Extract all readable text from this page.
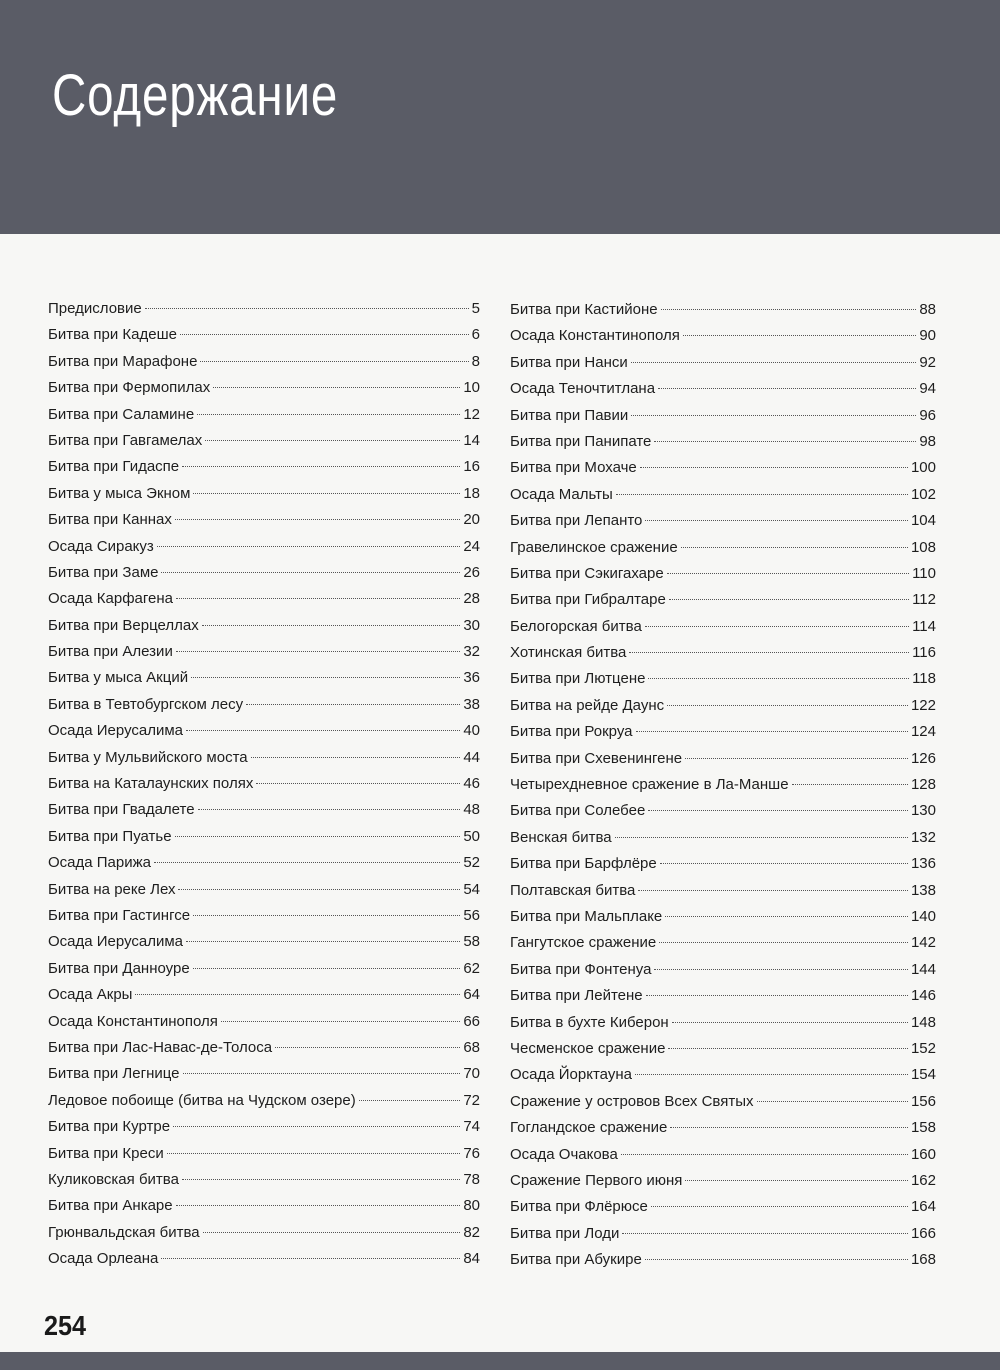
Содержание
Предисловие	5
Битва при Кадеше	6
Битва при Марафоне	8
Битва при Фермопилах	10
Битва при Саламине	12
Битва при Гавгамелах	14
Битва при Гидаспе	16
Битва у мыса Экном	18
Битва при Каннах	20
Осада Сиракуз	24
Битва при Заме	26
Осада Карфагена	28
Битва при Верцеллах	30
Битва при Алезии	32
Битва у мыса Акций	36
Битва в Тевтобургском лесу	38
Осада Иерусалима	40
Битва у Мульвийского моста	44
Битва на Каталаунских полях	46
Битва при Гвадалете	48
Битва при Пуатье	50
Осада Парижа	52
Битва на реке Лех	54
Битва при Гастингсе	56
Осада Иерусалима	58
Битва при Данноуре	62
Осада Акры	64
Осада Константинополя	66
Битва при Лас-Навас-де-Толоса	68
Битва при Легнице	70
Ледовое побоище (битва на Чудском озере)	72
Битва при Куртре	74
Битва при Креси	76
Куликовская битва	78
Битва при Анкаре	80
Грюнвальдская битва	82
Осада Орлеана	84
Битва при Кастийоне	88
Осада Константинополя	90
Битва при Нанси	92
Осада Теночтитлана	94
Битва при Павии	96
Битва при Панипате	98
Битва при Мохаче	100
Осада Мальты	102
Битва при Лепанто	104
Гравелинское сражение	108
Битва при Сэкигахаре	110
Битва при Гибралтаре	112
Белогорская битва	114
Хотинская битва	116
Битва при Лютцене	118
Битва на рейде Даунс	122
Битва при Рокруа	124
Битва при Схевенингене	126
Четырехдневное сражение в Ла-Манше	128
Битва при Солебее	130
Венская битва	132
Битва при Барфлёре	136
Полтавская битва	138
Битва при Мальплаке	140
Гангутское сражение	142
Битва при Фонтенуа	144
Битва при Лейтене	146
Битва в бухте Киберон	148
Чесменское сражение	152
Осада Йорктауна	154
Сражение у островов Всех Святых	156
Гогландское сражение	158
Осада Очакова	160
Сражение Первого июня	162
Битва при Флёрюсе	164
Битва при Лоди	166
Битва при Абукире	168
254
